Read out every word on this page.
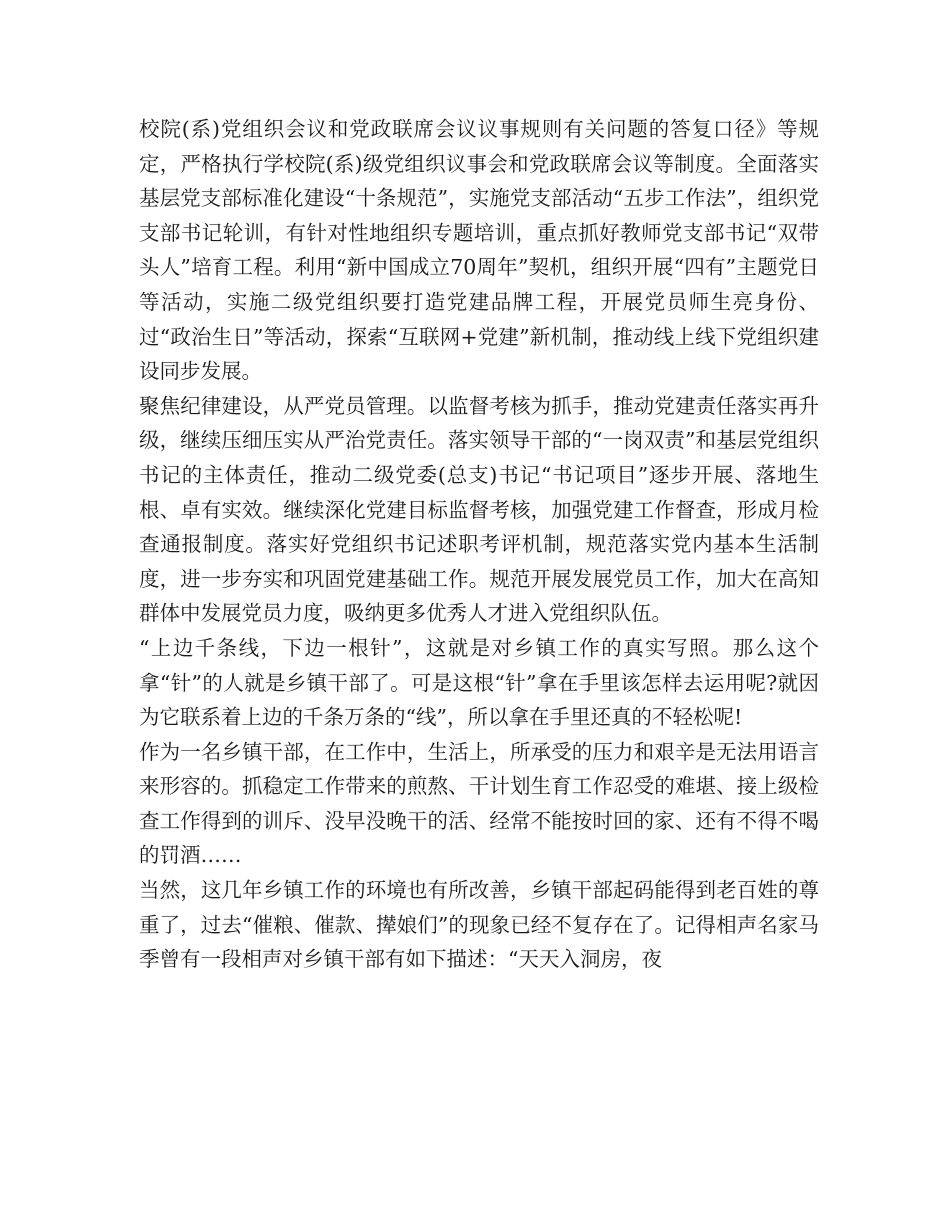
校院(系)党组织会议和党政联席会议议事规则有关问题的答复口径》等规定，严格执行学校院(系)级党组织议事会和党政联席会议等制度。全面落实基层党支部标准化建设“十条规范”，实施党支部活动“五步工作法”，组织党支部书记轮训，有针对性地组织专题培训，重点抓好教师党支部书记“双带头人”培育工程。利用“新中国成立70周年”契机，组织开展“四有”主题党日等活动，实施二级党组织要打造党建品牌工程，开展党员师生亮身份、过“政治生日”等活动，探索“互联网+党建”新机制，推动线上线下党组织建设同步发展。

聚焦纪律建设，从严党员管理。以监督考核为抓手，推动党建责任落实再升级，继续压细压实从严治党责任。落实领导干部的“一岗双责”和基层党组织书记的主体责任，推动二级党委(总支)书记“书记项目”逐步开展、落地生根、卓有实效。继续深化党建目标监督考核，加强党建工作督查，形成月检查通报制度。落实好党组织书记述职考评机制，规范落实党内基本生活制度，进一步夯实和巩固党建基础工作。规范开展发展党员工作，加大在高知群体中发展党员力度，吸纳更多优秀人才进入党组织队伍。

“上边千条线，下边一根针”，这就是对乡镇工作的真实写照。那么这个拿“针”的人就是乡镇干部了。可是这根“针”拿在手里该怎样去运用呢?就因为它联系着上边的千条万条的“线”，所以拿在手里还真的不轻松呢!

作为一名乡镇干部，在工作中，生活上，所承受的压力和艰辛是无法用语言来形容的。抓稳定工作带来的煎熬、干计划生育工作忍受的难堪、接上级检查工作得到的训斥、没早没晚干的活、经常不能按时回的家、还有不得不喝的罚酒……

当然，这几年乡镇工作的环境也有所改善，乡镇干部起码能得到老百姓的尊重了，过去“催粮、催款、撵娘们”的现象已经不复存在了。记得相声名家马季曾有一段相声对乡镇干部有如下描述：“天天入洞房，夜
